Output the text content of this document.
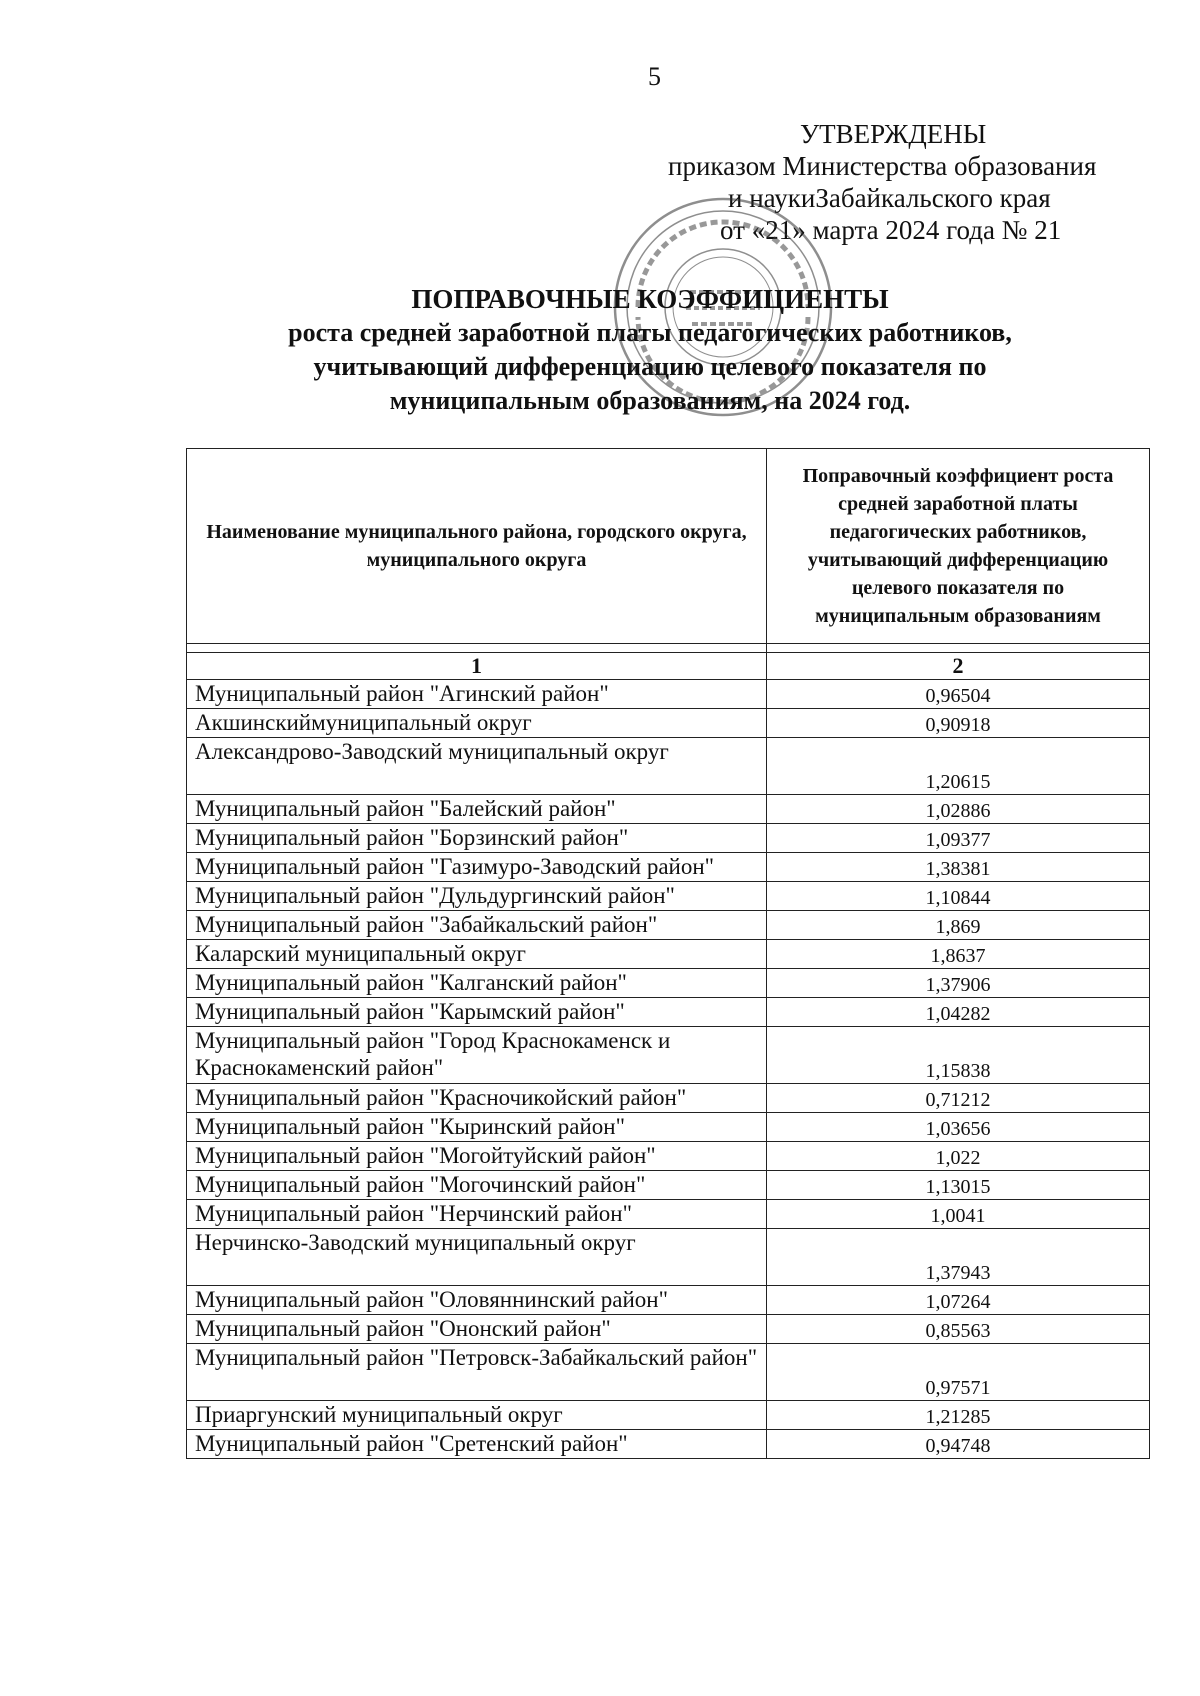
5
УТВЕРЖДЕНЫ
приказом Министерства образования
и наукиЗабайкальского края
от «21» марта 2024 года № 21
ПОПРАВОЧНЫЕ КОЭФФИЦИЕНТЫ
роста средней заработной платы педагогических работников,
учитывающий дифференциацию целевого показателя по
муниципальным образованиям, на 2024 год.
Наименование муниципального района, городского округа, муниципального округа	Поправочный коэффициент роста средней заработной платы педагогических работников, учитывающий дифференциацию целевого показателя по муниципальным образованиям

1	2
Муниципальный район "Агинский район"	0,96504
Акшинскиймуниципальный округ	0,90918
Александрово-Заводский муниципальный округ	1,20615
Муниципальный район "Балейский район"	1,02886
Муниципальный район "Борзинский район"	1,09377
Муниципальный район "Газимуро-Заводский район"	1,38381
Муниципальный район "Дульдургинский район"	1,10844
Муниципальный район "Забайкальский район"	1,869
Каларский муниципальный округ	1,8637
Муниципальный район "Калганский район"	1,37906
Муниципальный район "Карымский район"	1,04282
Муниципальный район "Город Краснокаменск и Краснокаменский район"	1,15838
Муниципальный район "Красночикойский район"	0,71212
Муниципальный район "Кыринский район"	1,03656
Муниципальный район "Могойтуйский район"	1,022
Муниципальный район "Могочинский район"	1,13015
Муниципальный район "Нерчинский район"	1,0041
Нерчинско-Заводский муниципальный округ	1,37943
Муниципальный район "Оловяннинский район"	1,07264
Муниципальный район "Ононский район"	0,85563
Муниципальный район "Петровск-Забайкальский район"	0,97571
Приаргунский муниципальный округ	1,21285
Муниципальный район "Сретенский район"	0,94748
